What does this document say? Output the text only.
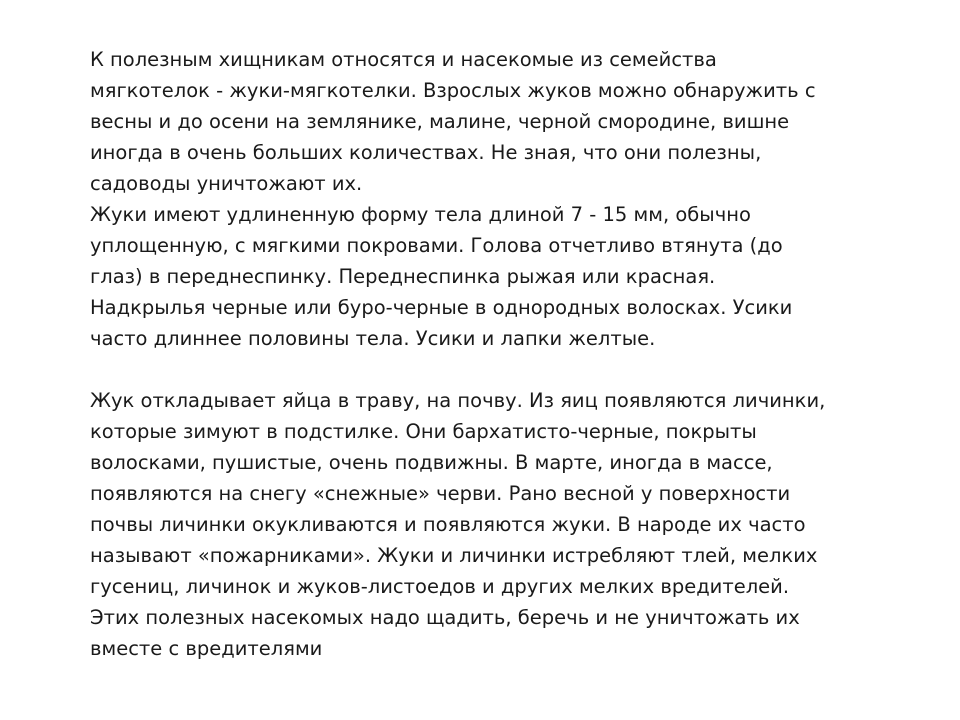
К полезным хищникам относятся и насекомые из семейства
мягкотелок - жуки-мягкотелки. Взрослых жуков можно обнаружить с
весны и до осени на землянике, малине, черной смородине, вишне
иногда в очень больших количествах. Не зная, что они полезны,
садоводы уничтожают их.
Жуки имеют удлиненную форму тела длиной 7 - 15 мм, обычно
уплощенную, с мягкими покровами. Голова отчетливо втянута (до
глаз) в переднеспинку. Переднеспинка рыжая или красная.
Надкрылья черные или буро-черные в однородных волосках. Усики
часто длиннее половины тела. Усики и лапки желтые.
Жук откладывает яйца в траву, на почву. Из яиц появляются личинки,
которые зимуют в подстилке. Они бархатисто-черные, покрыты
волосками, пушистые, очень подвижны. В марте, иногда в массе,
появляются на снегу «снежные» черви. Рано весной у поверхности
почвы личинки окукливаются и появляются жуки. В народе их часто
называют «пожарниками». Жуки и личинки истребляют тлей, мелких
гусениц, личинок и жуков-листоедов и других мелких вредителей.
Этих полезных насекомых надо щадить, беречь и не уничтожать их
вместе с вредителями
